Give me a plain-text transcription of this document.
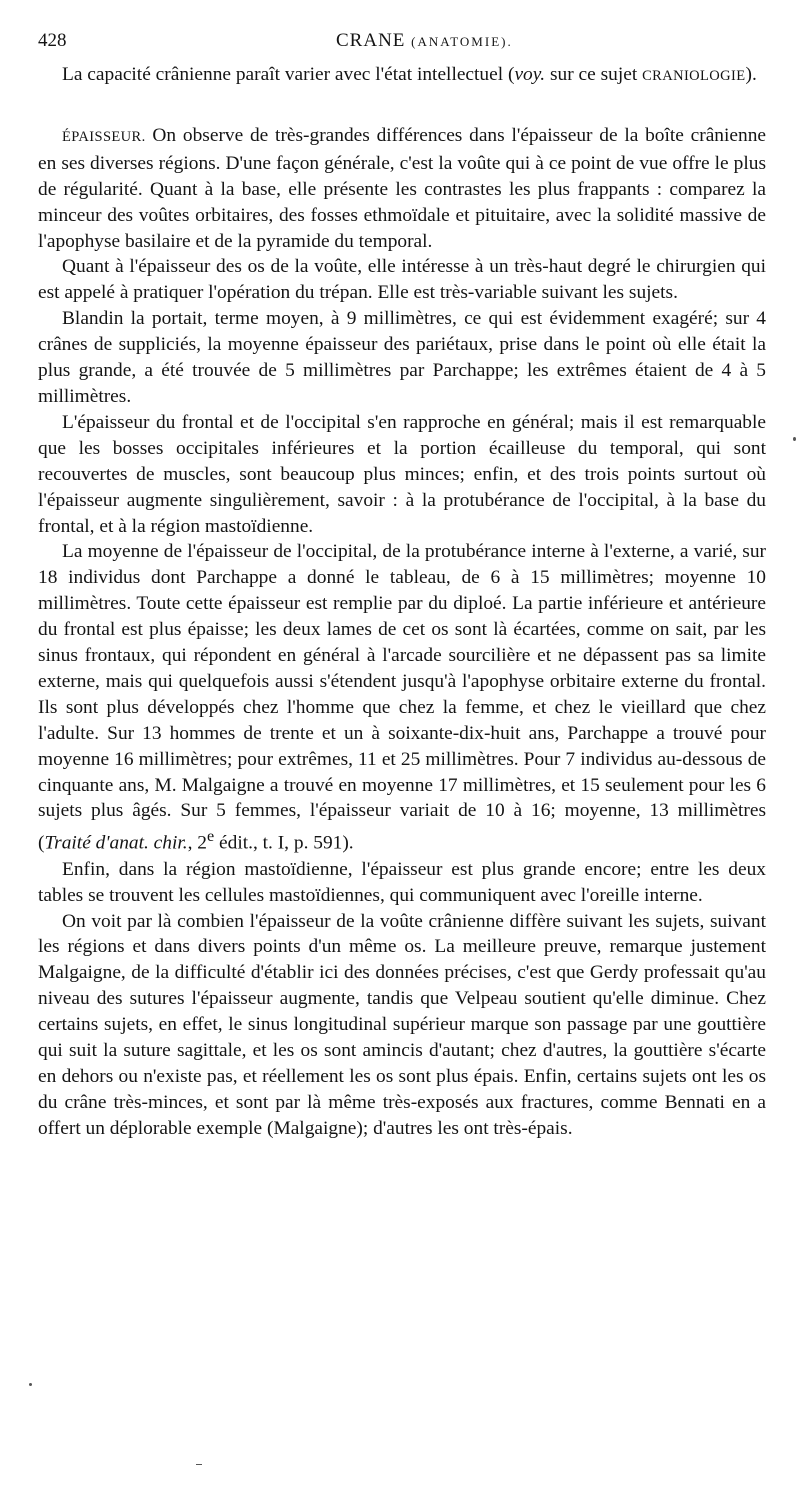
428	CRANE (ANATOMIE).

La capacité crânienne paraît varier avec l'état intellectuel (voy. sur ce sujet CRANIOLOGIE).

ÉPAISSEUR. On observe de très-grandes différences dans l'épaisseur de la boîte crânienne en ses diverses régions. D'une façon générale, c'est la voûte qui à ce point de vue offre le plus de régularité. Quant à la base, elle présente les contrastes les plus frappants : comparez la minceur des voûtes orbitaires, des fosses ethmoïdale et pituitaire, avec la solidité massive de l'apophyse basilaire et de la pyramide du temporal.

Quant à l'épaisseur des os de la voûte, elle intéresse à un très-haut degré le chirurgien qui est appelé à pratiquer l'opération du trépan. Elle est très-variable suivant les sujets.

Blandin la portait, terme moyen, à 9 millimètres, ce qui est évidemment exagéré; sur 4 crânes de suppliciés, la moyenne épaisseur des pariétaux, prise dans le point où elle était la plus grande, a été trouvée de 5 millimètres par Parchappe; les extrêmes étaient de 4 à 5 millimètres.

L'épaisseur du frontal et de l'occipital s'en rapproche en général; mais il est remarquable que les bosses occipitales inférieures et la portion écailleuse du temporal, qui sont recouvertes de muscles, sont beaucoup plus minces; enfin, et des trois points surtout où l'épaisseur augmente singulièrement, savoir : à la protubérance de l'occipital, à la base du frontal, et à la région mastoïdienne.

La moyenne de l'épaisseur de l'occipital, de la protubérance interne à l'externe, a varié, sur 18 individus dont Parchappe a donné le tableau, de 6 à 15 millimètres; moyenne 10 millimètres. Toute cette épaisseur est remplie par du diploé. La partie inférieure et antérieure du frontal est plus épaisse; les deux lames de cet os sont là écartées, comme on sait, par les sinus frontaux, qui répondent en général à l'arcade sourcilière et ne dépassent pas sa limite externe, mais qui quelquefois aussi s'étendent jusqu'à l'apophyse orbitaire externe du frontal. Ils sont plus développés chez l'homme que chez la femme, et chez le vieillard que chez l'adulte. Sur 13 hommes de trente et un à soixante-dix-huit ans, Parchappe a trouvé pour moyenne 16 millimètres; pour extrêmes, 11 et 25 millimètres. Pour 7 individus au-dessous de cinquante ans, M. Malgaigne a trouvé en moyenne 17 millimètres, et 15 seulement pour les 6 sujets plus âgés. Sur 5 femmes, l'épaisseur variait de 10 à 16; moyenne, 13 millimètres (Traité d'anat. chir., 2e édit., t. I, p. 591).

Enfin, dans la région mastoïdienne, l'épaisseur est plus grande encore; entre les deux tables se trouvent les cellules mastoïdiennes, qui communiquent avec l'oreille interne.

On voit par là combien l'épaisseur de la voûte crânienne diffère suivant les sujets, suivant les régions et dans divers points d'un même os. La meilleure preuve, remarque justement Malgaigne, de la difficulté d'établir ici des données précises, c'est que Gerdy professait qu'au niveau des sutures l'épaisseur augmente, tandis que Velpeau soutient qu'elle diminue. Chez certains sujets, en effet, le sinus longitudinal supérieur marque son passage par une gouttière qui suit la suture sagittale, et les os sont amincis d'autant; chez d'autres, la gouttière s'écarte en dehors ou n'existe pas, et réellement les os sont plus épais. Enfin, certains sujets ont les os du crâne très-minces, et sont par là même très-exposés aux fractures, comme Bennati en a offert un déplorable exemple (Malgaigne); d'autres les ont très-épais.
